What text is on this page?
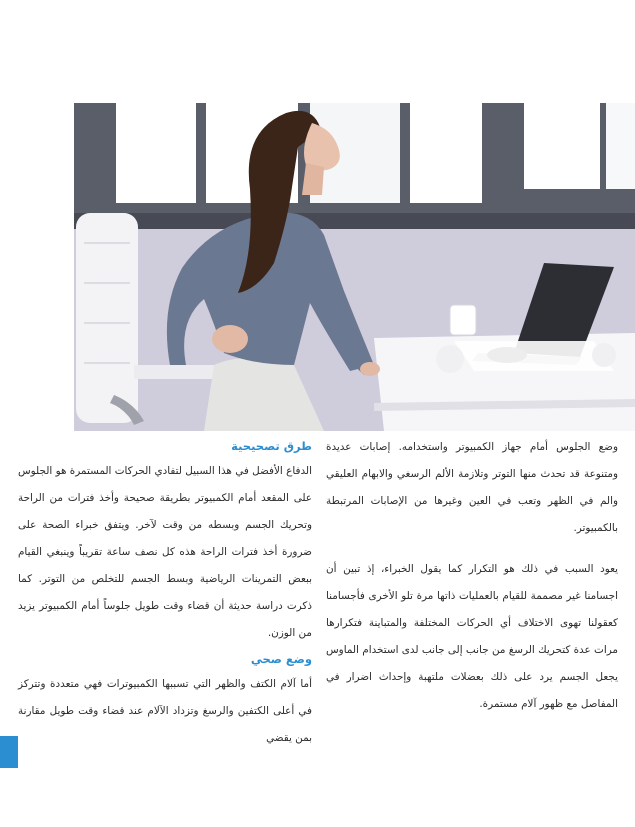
طرق تصحيحية

الدفاع الأفضل في هذا السبيل لتفادي الحركات المستمرة هو الجلوس على المقعد أمام الكمبيوتر بطريقة صحيحة وأخذ فترات من الراحة وتحريك الجسم وبسطه من وقت لآخر. ويتفق خبراء الصحة على ضرورة أخذ فترات الراحة هذه كل نصف ساعة تقريباً وينبغي القيام ببعض التمرينات الرياضية وبسط الجسم للتخلص من التوتر. كما ذكرت دراسة حديثة أن قضاء وقت طويل جلوساً أمام الكمبيوتر يزيد من الوزن.

وضع صحي

أما آلام الكتف والظهر التي تسببها الكمبيوترات فهي متعددة وتتركز في أعلى الكتفين والرسغ وتزداد الآلام عند قضاء وقت طويل مقارنة بمن يقضي

وضع الجلوس أمام جهاز الكمبيوتر واستخدامه. إصابات عديدة ومتنوعة قد تحدث منها التوتر وتلازمة الألم الرسغي والابهام العليقي والم في الظهر وتعب في العين وغيرها من الإصابات المرتبطة بالكمبيوتر.

يعود السبب في ذلك هو التكرار كما يقول الخبراء، إذ تبين أن اجسامنا غير مصممة للقيام بالعمليات ذاتها مرة تلو الأخرى فأجسامنا كعقولنا تهوى الاختلاف أي الحركات المختلفة والمتباينة فتكرارها مرات عدة كتحريك الرسغ من جانب إلى جانب لدى استخدام الماوس يجعل الجسم يرد على ذلك بعضلات ملتهبة وإحداث اضرار في المفاصل مع ظهور آلام مستمرة.
